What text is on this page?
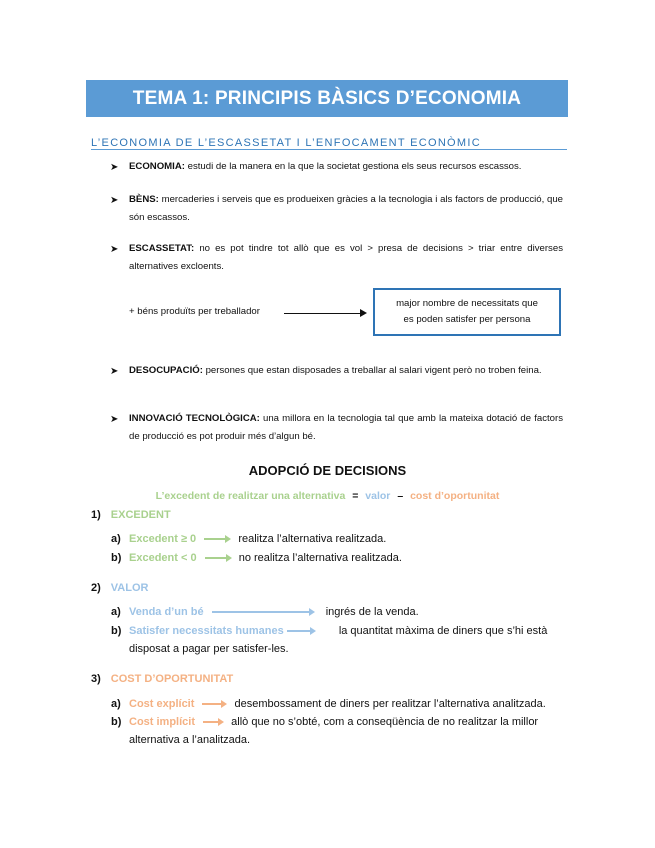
TEMA 1: PRINCIPIS BÀSICS D’ECONOMIA
L’ECONOMIA DE L’ESCASSETAT I L’ENFOCAMENT ECONÒMIC
➤ ECONOMIA: estudi de la manera en la que la societat gestiona els seus recursos escassos.
➤ BÈNS: mercaderies i serveis que es produeixen gràcies a la tecnologia i als factors de producció, que són escassos.
➤ ESCASSETAT: no es pot tindre tot allò que es vol > presa de decisions > triar entre diverses alternatives excloents.
+ béns produïts per treballador
major nombre de necessitats que
es poden satisfer per persona
➤ DESOCUPACIÓ: persones que estan disposades a treballar al salari vigent però no troben feina.
➤ INNOVACIÓ TECNOLÒGICA: una millora en la tecnologia tal que amb la mateixa dotació de factors de producció es pot produir més d’algun bé.
ADOPCIÓ DE DECISIONS
L’excedent de realitzar una alternativa = valor – cost d’oportunitat
1) EXCEDENT
a) Excedent ≥ 0	realitza l’alternativa realitzada.
b) Excedent < 0	no realitza l’alternativa realitzada.
2) VALOR
a) Venda d’un bé	ingrés de la venda.
b) Satisfer necessitats humanes	la quantitat màxima de diners que s’hi està
disposat a pagar per satisfer-les.
3) COST D’OPORTUNITAT
a) Cost explícit	desembossament de diners per realitzar l’alternativa analitzada.
b) Cost implícit	allò que no s’obté, com a conseqüència de no realitzar la millor
alternativa a l’analitzada.
